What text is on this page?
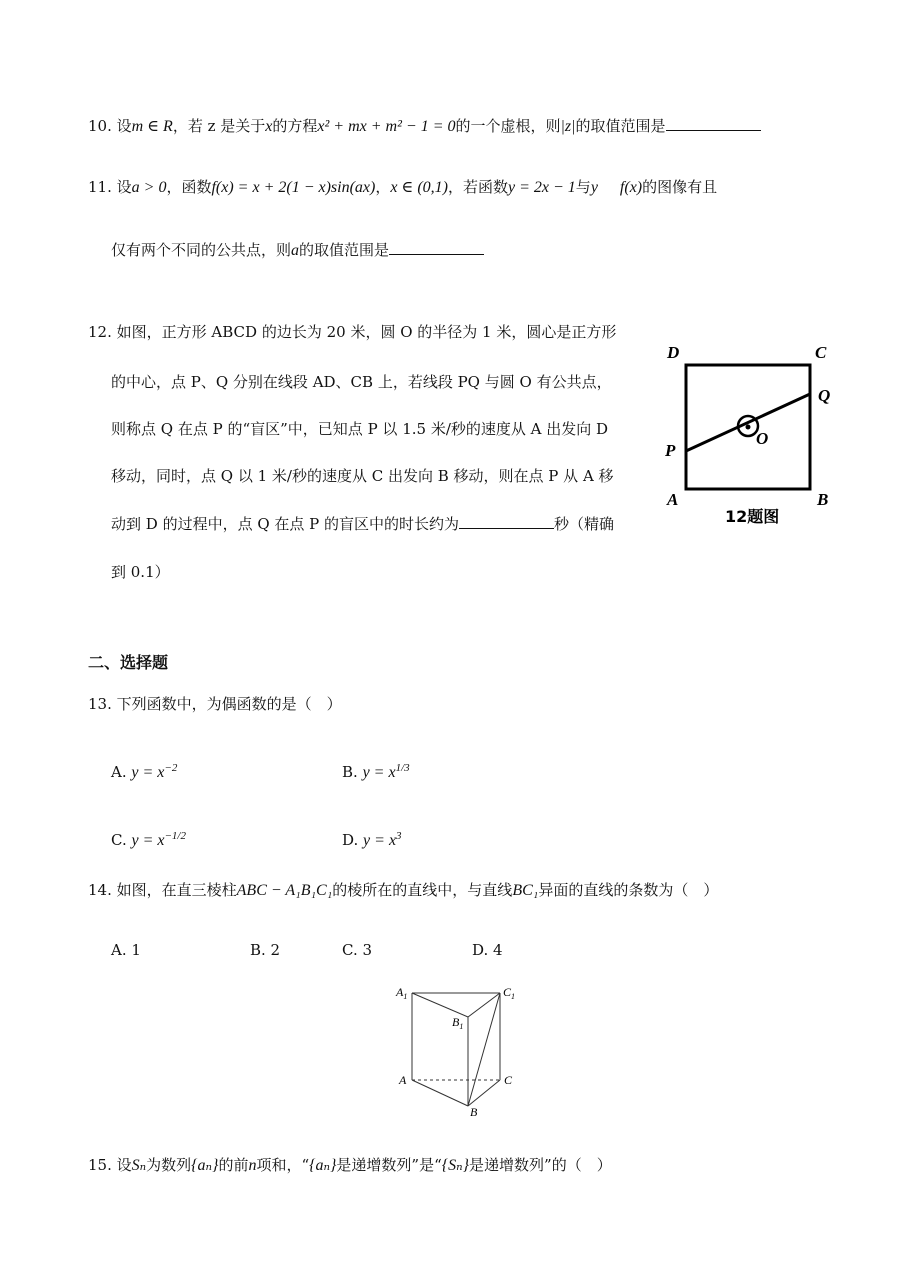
10. 设m ∈ R，若 z 是关于x的方程x² + mx + m² − 1 = 0的一个虚根，则|z|的取值范围是
11. 设a > 0，函数f(x) = x + 2(1 − x)sin(ax)，x ∈ (0,1)，若函数y = 2x − 1与y f(x)的图像有且
仅有两个不同的公共点，则a的取值范围是
12. 如图，正方形 ABCD 的边长为 20 米，圆 O 的半径为 1 米，圆心是正方形
的中心，点 P、Q 分别在线段 AD、CB 上，若线段 PQ 与圆 O 有公共点，
则称点 Q 在点 P 的“盲区”中，已知点 P 以 1.5 米/秒的速度从 A 出发向 D
移动，同时，点 Q 以 1 米/秒的速度从 C 出发向 B 移动，则在点 P 从 A 移
动到 D 的过程中，点 Q 在点 P 的盲区中的时长约为	秒（精确
到 0.1）
D	C
Q
P
O
A	B
12题图
二、选择题
13. 下列函数中，为偶函数的是（　）
A. $y = x^{-2}$	B. $y = x^{1/3}$
C. $y = x^{-1/2}$	D. $y = x^3$
14. 如图，在直三棱柱ABC − A₁B₁C₁的棱所在的直线中，与直线BC₁异面的直线的条数为（　）
A. 1	B. 2	C. 3	D. 4
$A_1$	$C_1$
$B_1$
A	C
B
15. 设Sₙ为数列{aₙ}的前n项和，“{aₙ}是递增数列”是“{Sₙ}是递增数列”的（　）
